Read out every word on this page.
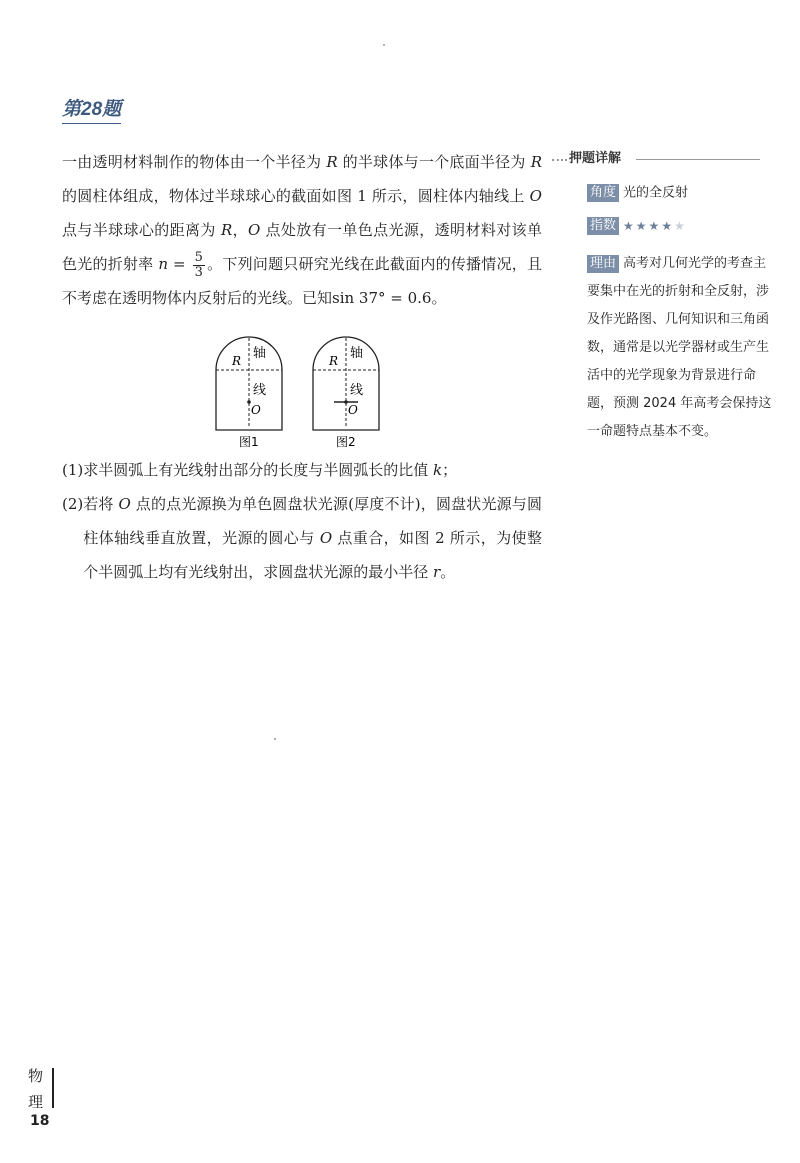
第28题

一由透明材料制作的物体由一个半径为 R 的半球体与一个底面半径为 R 的圆柱体组成，物体过半球球心的截面如图 1 所示，圆柱体内轴线上 O 点与半球球心的距离为 R，O 点处放有一单色点光源，透明材料对该单色光的折射率 $n = \frac{5}{3}$ 。下列问题只研究光线在此截面内的传播情况，且不考虑在透明物体内反射后的光线。已知sin 37° = 0.6。

R 轴
线
O
图1
R 轴
线
O
图2
(1) 求半圆弧上有光线射出部分的长度与半圆弧长的比值 k；
(2) 若将 O 点的点光源换为单色圆盘状光源(厚度不计)，圆盘状光源与圆柱体轴线垂直放置，光源的圆心与 O 点重合，如图 2 所示，为使整个半圆弧上均有光线射出，求圆盘状光源的最小半径 r。
押题详解
角度 光的全反射
指数 ★★★★★
理由 高考对几何光学的考查主要集中在光的折射和全反射，涉及作光路图、几何知识和三角函数，通常是以光学器材或生产生活中的光学现象为背景进行命题，预测 2024 年高考会保持这一命题特点基本不变。
物
理
18
